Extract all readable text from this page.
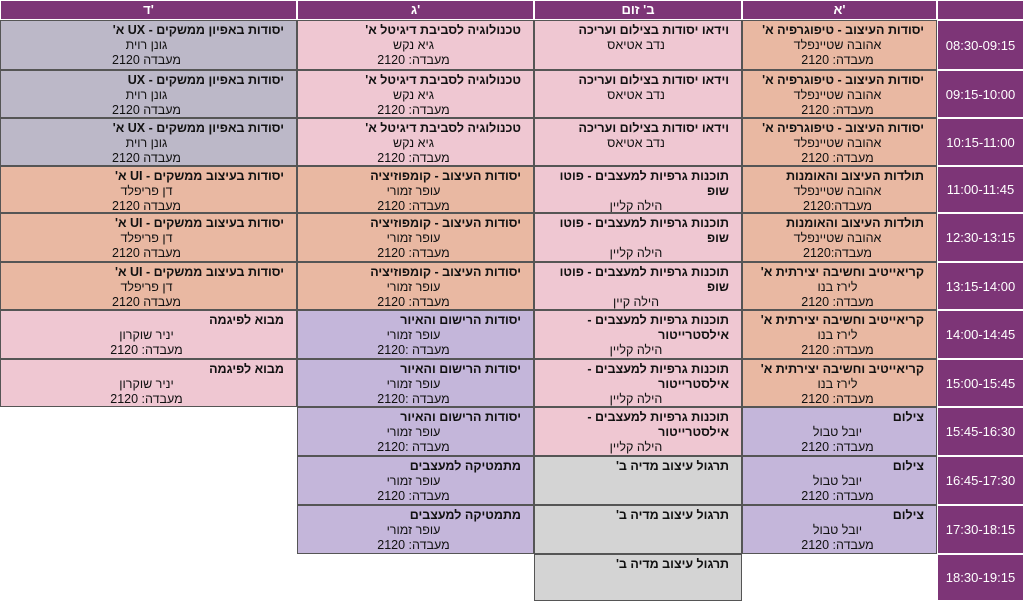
א'
ב' זום
ג'
ד'
08:30-09:15
09:15-10:00
10:15-11:00
11:00-11:45
12:30-13:15
13:15-14:00
14:00-14:45
15:00-15:45
15:45-16:30
16:45-17:30
17:30-18:15
18:30-19:15
יסודות העיצוב - טיפוגרפיה א'
אהובה שטיינפלד
מעבדה: 2120
וידאו יסודות בצילום ועריכה
נדב אטיאס
טכנולוגיה לסביבת דיגיטל א'
גיא נקש
מעבדה: 2120
יסודות באפיון ממשקים - UX א'
גונן רוית
מעבדה 2120
יסודות העיצוב - טיפוגרפיה א'
אהובה שטיינפלד
מעבדה: 2120
וידאו יסודות בצילום ועריכה
נדב אטיאס
טכנולוגיה לסביבת דיגיטל א'
גיא נקש
מעבדה: 2120
יסודות באפיון ממשקים - UX
גונן רוית
מעבדה 2120
יסודות העיצוב - טיפוגרפיה א'
אהובה שטיינפלד
מעבדה: 2120
וידאו יסודות בצילום ועריכה
נדב אטיאס
טכנולוגיה לסביבת דיגיטל א'
גיא נקש
מעבדה: 2120
יסודות באפיון ממשקים - UX א'
גונן רוית
מעבדה 2120
תולדות העיצוב והאומנות
אהובה שטיינפלד
מעבדה:2120
תוכנות גרפיות למעצבים - פוטו שופ
הילה קליין
יסודות העיצוב - קומפוזיציה
עופר זמורי
מעבדה: 2120
יסודות בעיצוב ממשקים - UI א'
דן פריפלד
מעבדה 2120
תולדות העיצוב והאומנות
אהובה שטיינפלד
מעבדה:2120
תוכנות גרפיות למעצבים - פוטו שופ
הילה קליין
יסודות העיצוב - קומפוזיציה
עופר זמורי
מעבדה: 2120
יסודות בעיצוב ממשקים - UI א'
דן פריפלד
מעבדה 2120
קריאייטיב וחשיבה יצירתית א'
לירז בנו
מעבדה: 2120
תוכנות גרפיות למעצבים - פוטו שופ
הילה קיין
יסודות העיצוב - קומפוזיציה
עופר זמורי
מעבדה: 2120
יסודות בעיצוב ממשקים - UI א'
דן פריפלד
מעבדה 2120
קריאייטיב וחשיבה יצירתית א'
לירז בנו
מעבדה: 2120
תוכנות גרפיות למעצבים - אילסטרייטור
הילה קליין
יסודות הרישום והאיור
עופר זמורי
מעבדה :2120
מבוא לפיגמה
יניר שוקרון
מעבדה: 2120
קריאייטיב וחשיבה יצירתית א'
לירז בנו
מעבדה: 2120
תוכנות גרפיות למעצבים - אילסטרייטור
הילה קליין
יסודות הרישום והאיור
עופר זמורי
מעבדה :2120
מבוא לפיגמה
יניר שוקרון
מעבדה: 2120
צילום
יובל טבול
מעבדה: 2120
תוכנות גרפיות למעצבים - אילסטרייטור
הילה קליין
יסודות הרישום והאיור
עופר זמורי
מעבדה :2120
צילום
יובל טבול
מעבדה: 2120
תרגול עיצוב מדיה ב'
מתמטיקה למעצבים
עופר זמורי
מעבדה: 2120
צילום
יובל טבול
מעבדה: 2120
תרגול עיצוב מדיה ב'
מתמטיקה למעצבים
עופר זמורי
מעבדה: 2120
תרגול עיצוב מדיה ב'
